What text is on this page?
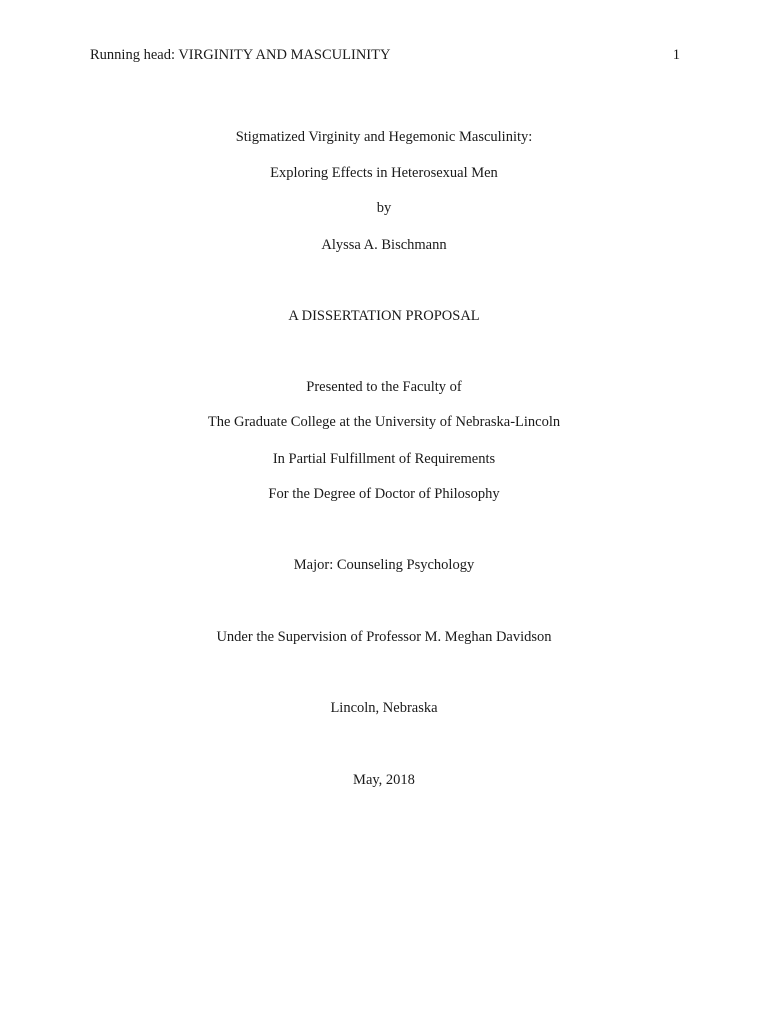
Running head: VIRGINITY AND MASCULINITY	1
Stigmatized Virginity and Hegemonic Masculinity:
Exploring Effects in Heterosexual Men
by
Alyssa A. Bischmann
A DISSERTATION PROPOSAL
Presented to the Faculty of
The Graduate College at the University of Nebraska-Lincoln
In Partial Fulfillment of Requirements
For the Degree of Doctor of Philosophy
Major: Counseling Psychology
Under the Supervision of Professor M. Meghan Davidson
Lincoln, Nebraska
May, 2018
